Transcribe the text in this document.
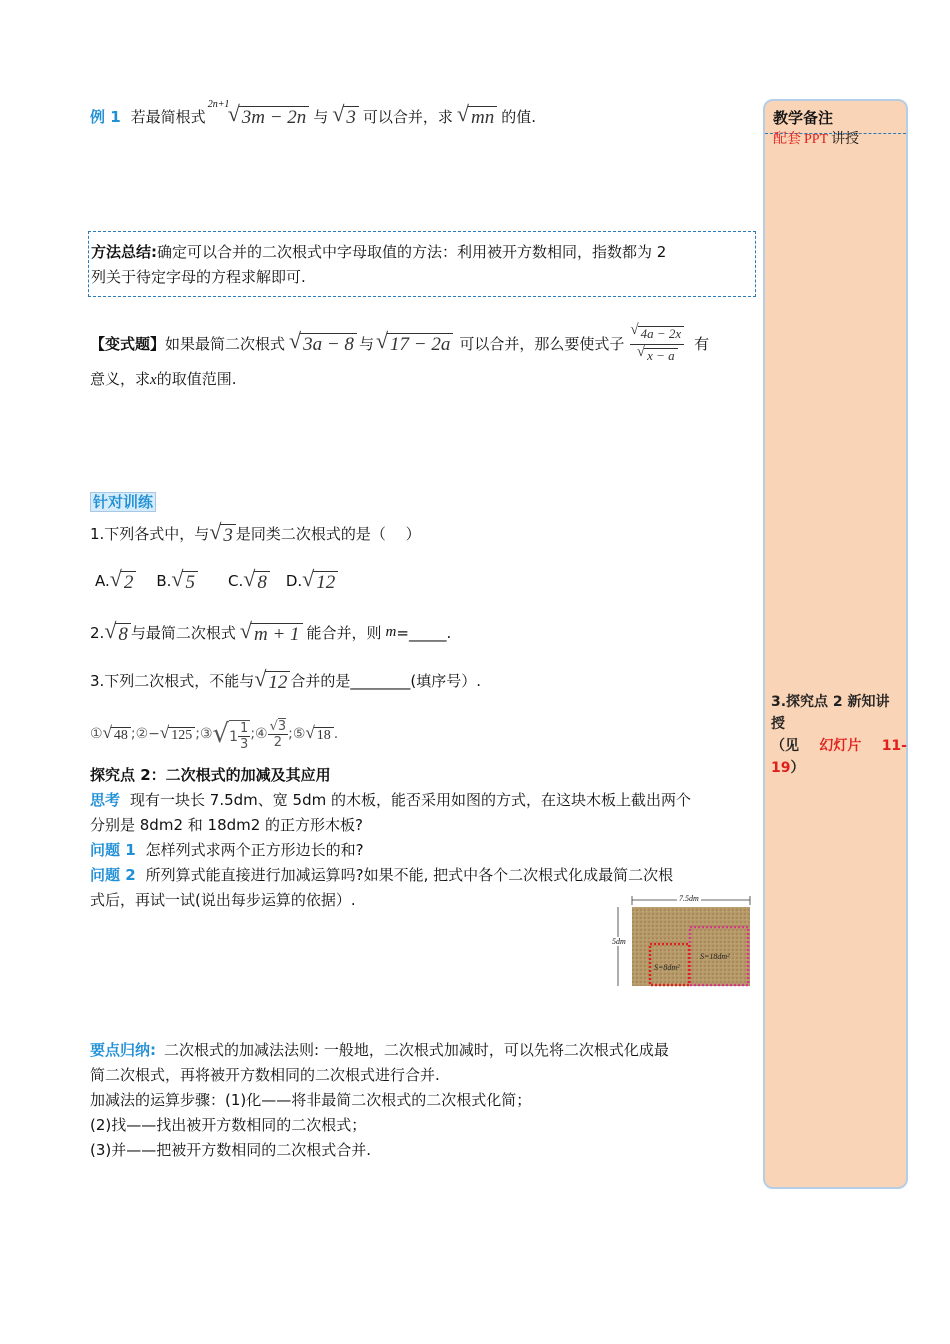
例 1 若最简根式
2n+1
√ 3m − 2n 与 √ 3 可以合并，求 √ mn 的值.
方法总结:确定可以合并的二次根式中字母取值的方法：利用被开方数相同，指数都为 2
列关于待定字母的方程求解即可.
【变式题】 如果最简二次根式 √ 3a − 8 与 √ 17 − 2a 可以合并，那么要使式子
√ 4a − 2x
√ x − a
有
意义，求x的取值范围.
针对训练
1.下列各式中，与 √ 3 是同类二次根式的是（　 ）
A. √ 2 B. √ 5 C. √ 8 D. √ 12
2. √ 8 与最简二次根式 √ m + 1 能合并，则 m =_____.
3.下列二次根式，不能与 √ 12 合并的是________(填序号）.
① √ 48 ; ②− √ 125 ; ③ √ $1 \frac{1}{3}$ ; ④ $\frac{√3}{2}$ ; ⑤ √ 18 .
探究点 2：二次根式的加减及其应用
思考 现有一块长 7.5dm、宽 5dm 的木板，能否采用如图的方式，在这块木板上截出两个
分别是 8dm2 和 18dm2 的正方形木板?
问题 1 怎样列式求两个正方形边长的和?
问题 2 所列算式能直接进行加减运算吗?如果不能, 把式中各个二次根式化成最简二次根
式后，再试一试(说出每步运算的依据）.	7.5dm
5dm
S=8dm²
S=18dm²
要点归纳: 二次根式的加减法法则: 一般地，二次根式加减时，可以先将二次根式化成最
简二次根式，再将被开方数相同的二次根式进行合并.
加减法的运算步骤：(1)化——将非最简二次根式的二次根式化简；
(2)找——找出被开方数相同的二次根式；
(3)并——把被开方数相同的二次根式合并.
教学备注
配套 PPT 讲授
3.探究点 2 新知讲
授
（见 幻灯片 11-
19）
